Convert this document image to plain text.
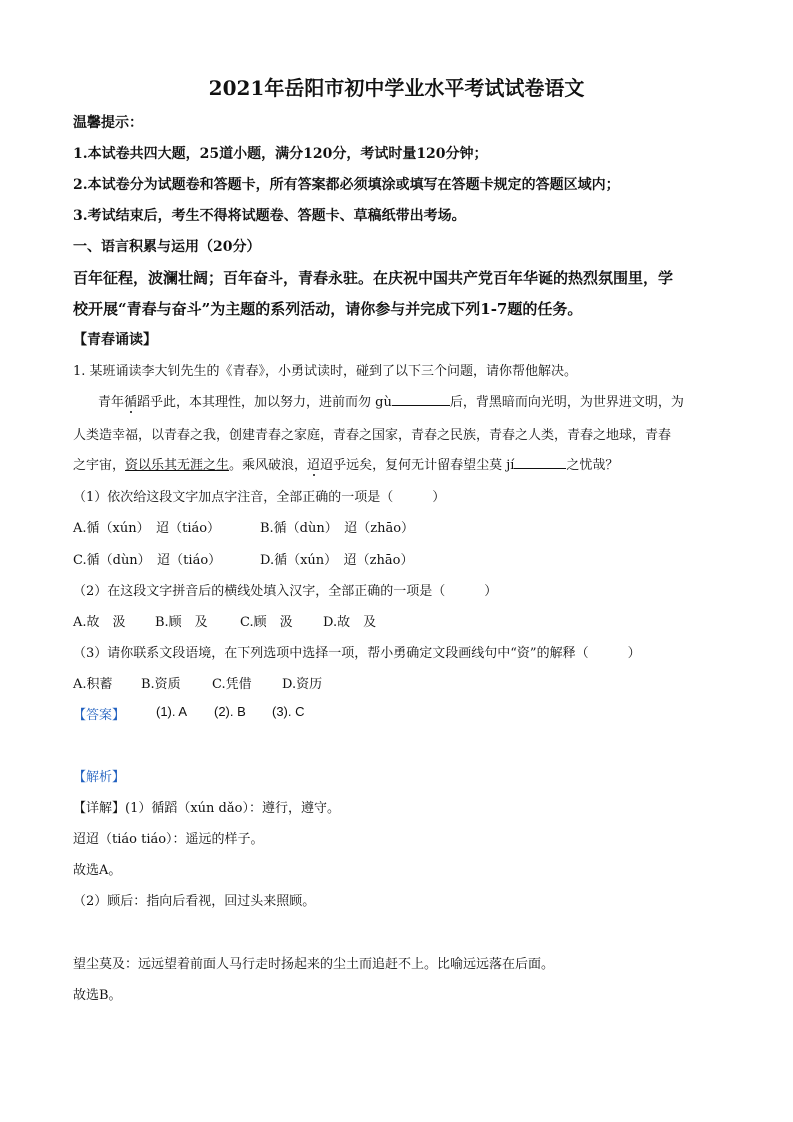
2021年岳阳市初中学业水平考试试卷语文
温馨提示：
1.本试卷共四大题，25道小题，满分120分，考试时量120分钟；
2.本试卷分为试题卷和答题卡，所有答案都必须填涂或填写在答题卡规定的答题区域内；
3.考试结束后，考生不得将试题卷、答题卡、草稿纸带出考场。
一、语言积累与运用（20分）
百年征程，波澜壮阔；百年奋斗，青春永驻。在庆祝中国共产党百年华诞的热烈氛围里，学
校开展“青春与奋斗”为主题的系列活动，请你参与并完成下列1-7题的任务。
【青春诵读】
1. 某班诵读李大钊先生的《青春》，小勇试读时，碰到了以下三个问题，请你帮他解决。
青年循蹈乎此，本其理性，加以努力，进前而勿 gù	后，背黑暗而向光明，为世界进文明，为
人类造幸福，以青春之我，创建青春之家庭，青春之国家，青春之民族，青春之人类，青春之地球，青春
之宇宙，资以乐其无涯之生。乘风破浪，迢迢乎远矣，复何无计留春望尘莫 jí	之忧哉？
（1）依次给这段文字加点字注音，全部正确的一项是（　　　）
A.循（xún）　迢（tiáo）	B.循（dùn）　迢（zhāo）
C.循（dùn）　迢（tiáo）	D.循（xún）　迢（zhāo）
（2）在这段文字拼音后的横线处填入汉字，全部正确的一项是（　　　）
A.故　汲 B.顾　及 C.顾　汲 D.故　及
（3）请你联系文段语境，在下列选项中选择一项，帮小勇确定文段画线句中“资”的解释（　　　）
A.积蓄 B.资质 C.凭借 D.资历
【答案】 (1). A (2). B (3). C
【解析】
【详解】(1）循蹈（xún dǎo）：遵行，遵守。
迢迢（tiáo tiáo）：遥远的样子。
故选A。
（2）顾后：指向后看视，回过头来照顾。
望尘莫及：远远望着前面人马行走时扬起来的尘土而追赶不上。比喻远远落在后面。
故选B。
